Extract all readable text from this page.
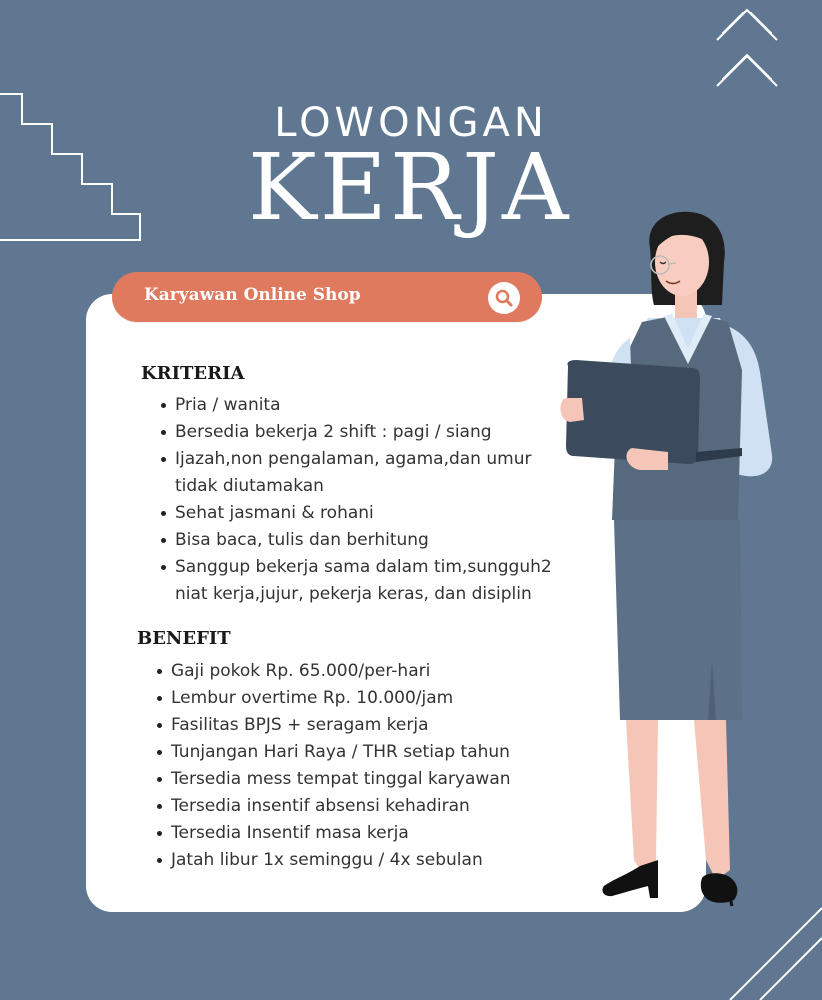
LOWONGAN
KERJA
Karyawan Online Shop
KRITERIA
Pria / wanita
Bersedia bekerja 2 shift : pagi / siang
Ijazah,non pengalaman, agama,dan umur tidak diutamakan
Sehat jasmani & rohani
Bisa baca, tulis dan berhitung
Sanggup bekerja sama dalam tim,sungguh2 niat kerja,jujur, pekerja keras, dan disiplin
BENEFIT
Gaji pokok Rp. 65.000/per-hari
Lembur overtime Rp. 10.000/jam
Fasilitas BPJS + seragam kerja
Tunjangan Hari Raya / THR setiap tahun
Tersedia mess tempat tinggal karyawan
Tersedia insentif absensi kehadiran
Tersedia Insentif masa kerja
Jatah libur 1x seminggu / 4x sebulan
